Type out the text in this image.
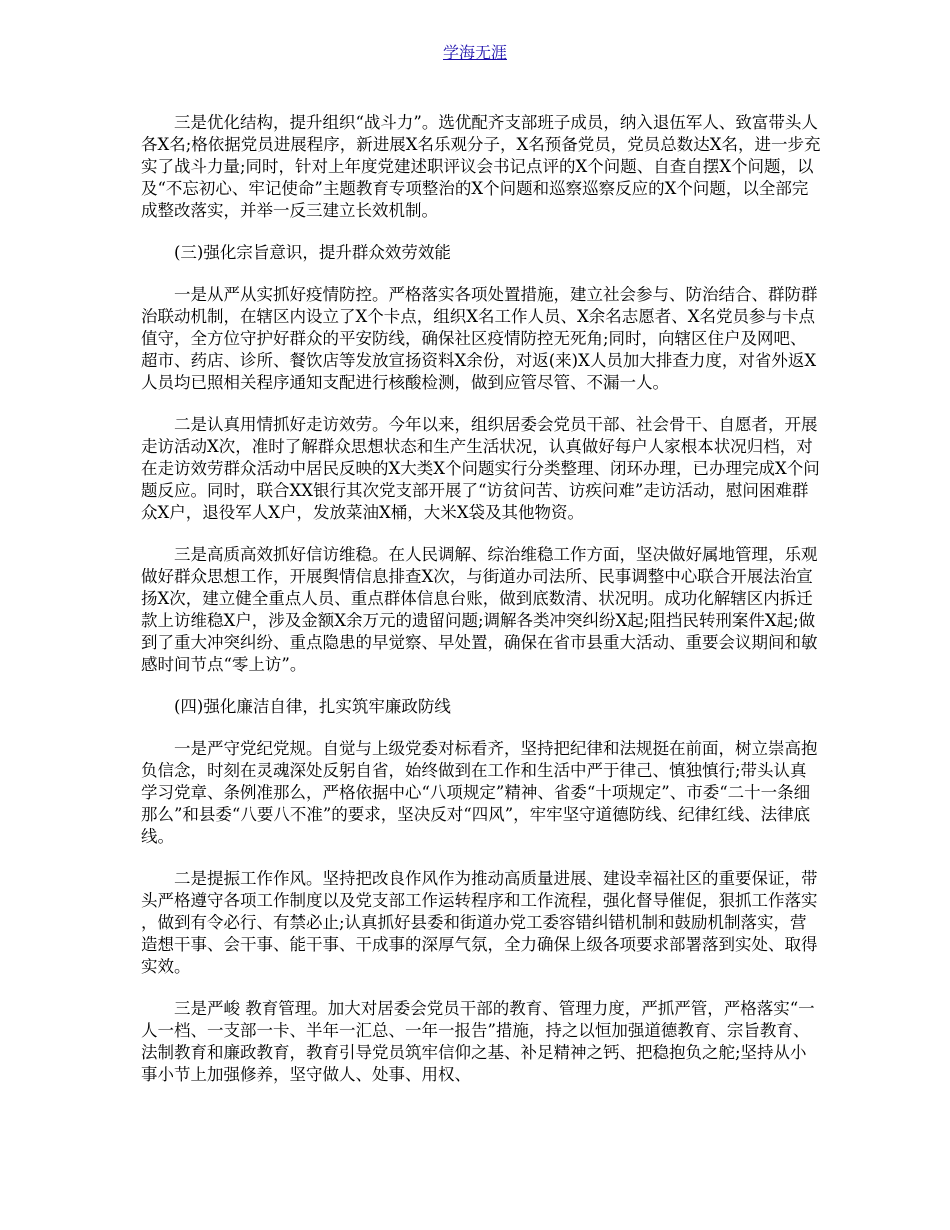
学海无涯

三是优化结构，提升组织“战斗力”。选优配齐支部班子成员，纳入退伍军人、致富带头人各X名;格依据党员进展程序，新进展X名乐观分子，X名预备党员，党员总数达X名，进一步充实了战斗力量;同时，针对上年度党建述职评议会书记点评的X个问题、自查自摆X个问题，以及“不忘初心、牢记使命”主题教育专项整治的X个问题和巡察巡察反应的X个问题，以全部完成整改落实，并举一反三建立长效机制。

(三)强化宗旨意识，提升群众效劳效能

一是从严从实抓好疫情防控。严格落实各项处置措施，建立社会参与、防治结合、群防群治联动机制，在辖区内设立了X个卡点，组织X名工作人员、X余名志愿者、X名党员参与卡点值守，全方位守护好群众的平安防线，确保社区疫情防控无死角;同时，向辖区住户及网吧、超市、药店、诊所、餐饮店等发放宣扬资料X余份，对返(来)X人员加大排查力度，对省外返X人员均已照相关程序通知支配进行核酸检测，做到应管尽管、不漏一人。

二是认真用情抓好走访效劳。今年以来，组织居委会党员干部、社会骨干、自愿者，开展走访活动X次，准时了解群众思想状态和生产生活状况，认真做好每户人家根本状况归档，对在走访效劳群众活动中居民反映的X大类X个问题实行分类整理、闭环办理，已办理完成X个问题反应。同时，联合XX银行其次党支部开展了“访贫问苦、访疾问难”走访活动，慰问困难群众X户，退役军人X户，发放菜油X桶，大米X袋及其他物资。

三是高质高效抓好信访维稳。在人民调解、综治维稳工作方面，坚决做好属地管理，乐观做好群众思想工作，开展舆情信息排查X次，与街道办司法所、民事调整中心联合开展法治宣扬X次，建立健全重点人员、重点群体信息台账，做到底数清、状况明。成功化解辖区内拆迁款上访维稳X户，涉及金额X余万元的遗留问题;调解各类冲突纠纷X起;阻挡民转刑案件X起;做到了重大冲突纠纷、重点隐患的早觉察、早处置，确保在省市县重大活动、重要会议期间和敏感时间节点“零上访”。

(四)强化廉洁自律，扎实筑牢廉政防线

一是严守党纪党规。自觉与上级党委对标看齐，坚持把纪律和法规挺在前面，树立崇高抱负信念，时刻在灵魂深处反躬自省，始终做到在工作和生活中严于律己、慎独慎行;带头认真学习党章、条例准那么，严格依据中心“八项规定”精神、省委“十项规定”、市委“二十一条细那么”和县委“八要八不准”的要求，坚决反对“四风”，牢牢坚守道德防线、纪律红线、法律底线。

二是提振工作作风。坚持把改良作风作为推动高质量进展、建设幸福社区的重要保证，带头严格遵守各项工作制度以及党支部工作运转程序和工作流程，强化督导催促，狠抓工作落实，做到有令必行、有禁必止;认真抓好县委和街道办党工委容错纠错机制和鼓励机制落实，营造想干事、会干事、能干事、干成事的深厚气氛，全力确保上级各项要求部署落到实处、取得实效。

三是严峻 教育管理。加大对居委会党员干部的教育、管理力度，严抓严管，严格落实“一人一档、一支部一卡、半年一汇总、一年一报告”措施，持之以恒加强道德教育、宗旨教育、法制教育和廉政教育，教育引导党员筑牢信仰之基、补足精神之钙、把稳抱负之舵;坚持从小事小节上加强修养，坚守做人、处事、用权、
